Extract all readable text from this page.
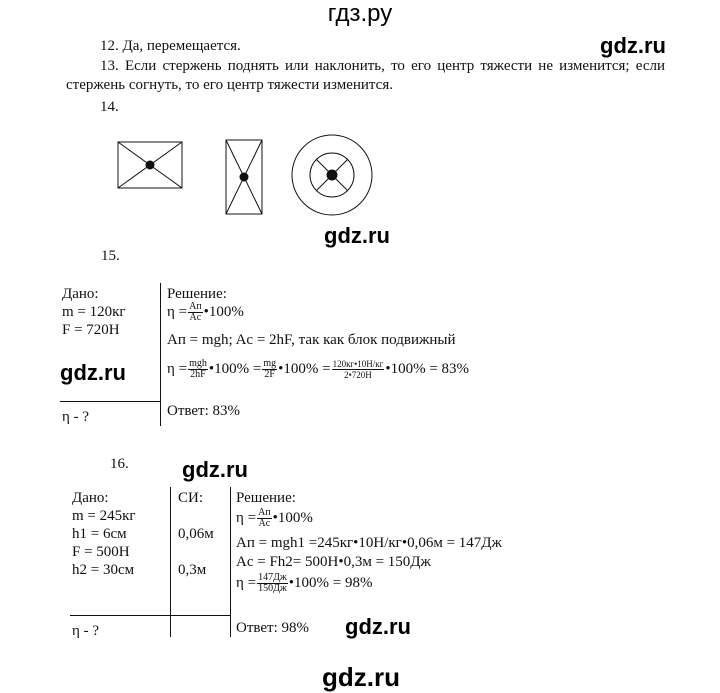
гдз.ру
gdz.ru
gdz.ru
gdz.ru
gdz.ru
gdz.ru
gdz.ru
12. Да, перемещается.
13. Если стержень поднять или наклонить, то его центр тяжести не изменится; если
стержень согнуть, то его центр тяжести изменится.
14.
15.
Дано:
m = 120кг
F = 720Н
η - ?
Решение:
$\eta = \frac{Aп}{Aс}$ •100%
Aп = mgh; Aс = 2hF, так как блок подвижный
$\eta = \frac{\text{mgh}}{2hF}$ •100% = $\frac{mg}{2F}$ •100% = $\frac{120кг•10Н/кг}{2•720Н}$ •100% = 83%
Ответ: 83%
16.
Дано:
m = 245кг
h1 = 6см
F = 500Н
h2 = 30см
η - ?
СИ:
0,06м
0,3м
Решение:
$\eta = \frac{Aп}{Aс}$ •100%
Aп = mgh1 =245кг•10Н/кг•0,06м = 147Дж
Aс = Fh2= 500Н•0,3м = 150Дж
$\eta = \frac{147Дж}{150Дж}$ •100% = 98%
Ответ: 98%
